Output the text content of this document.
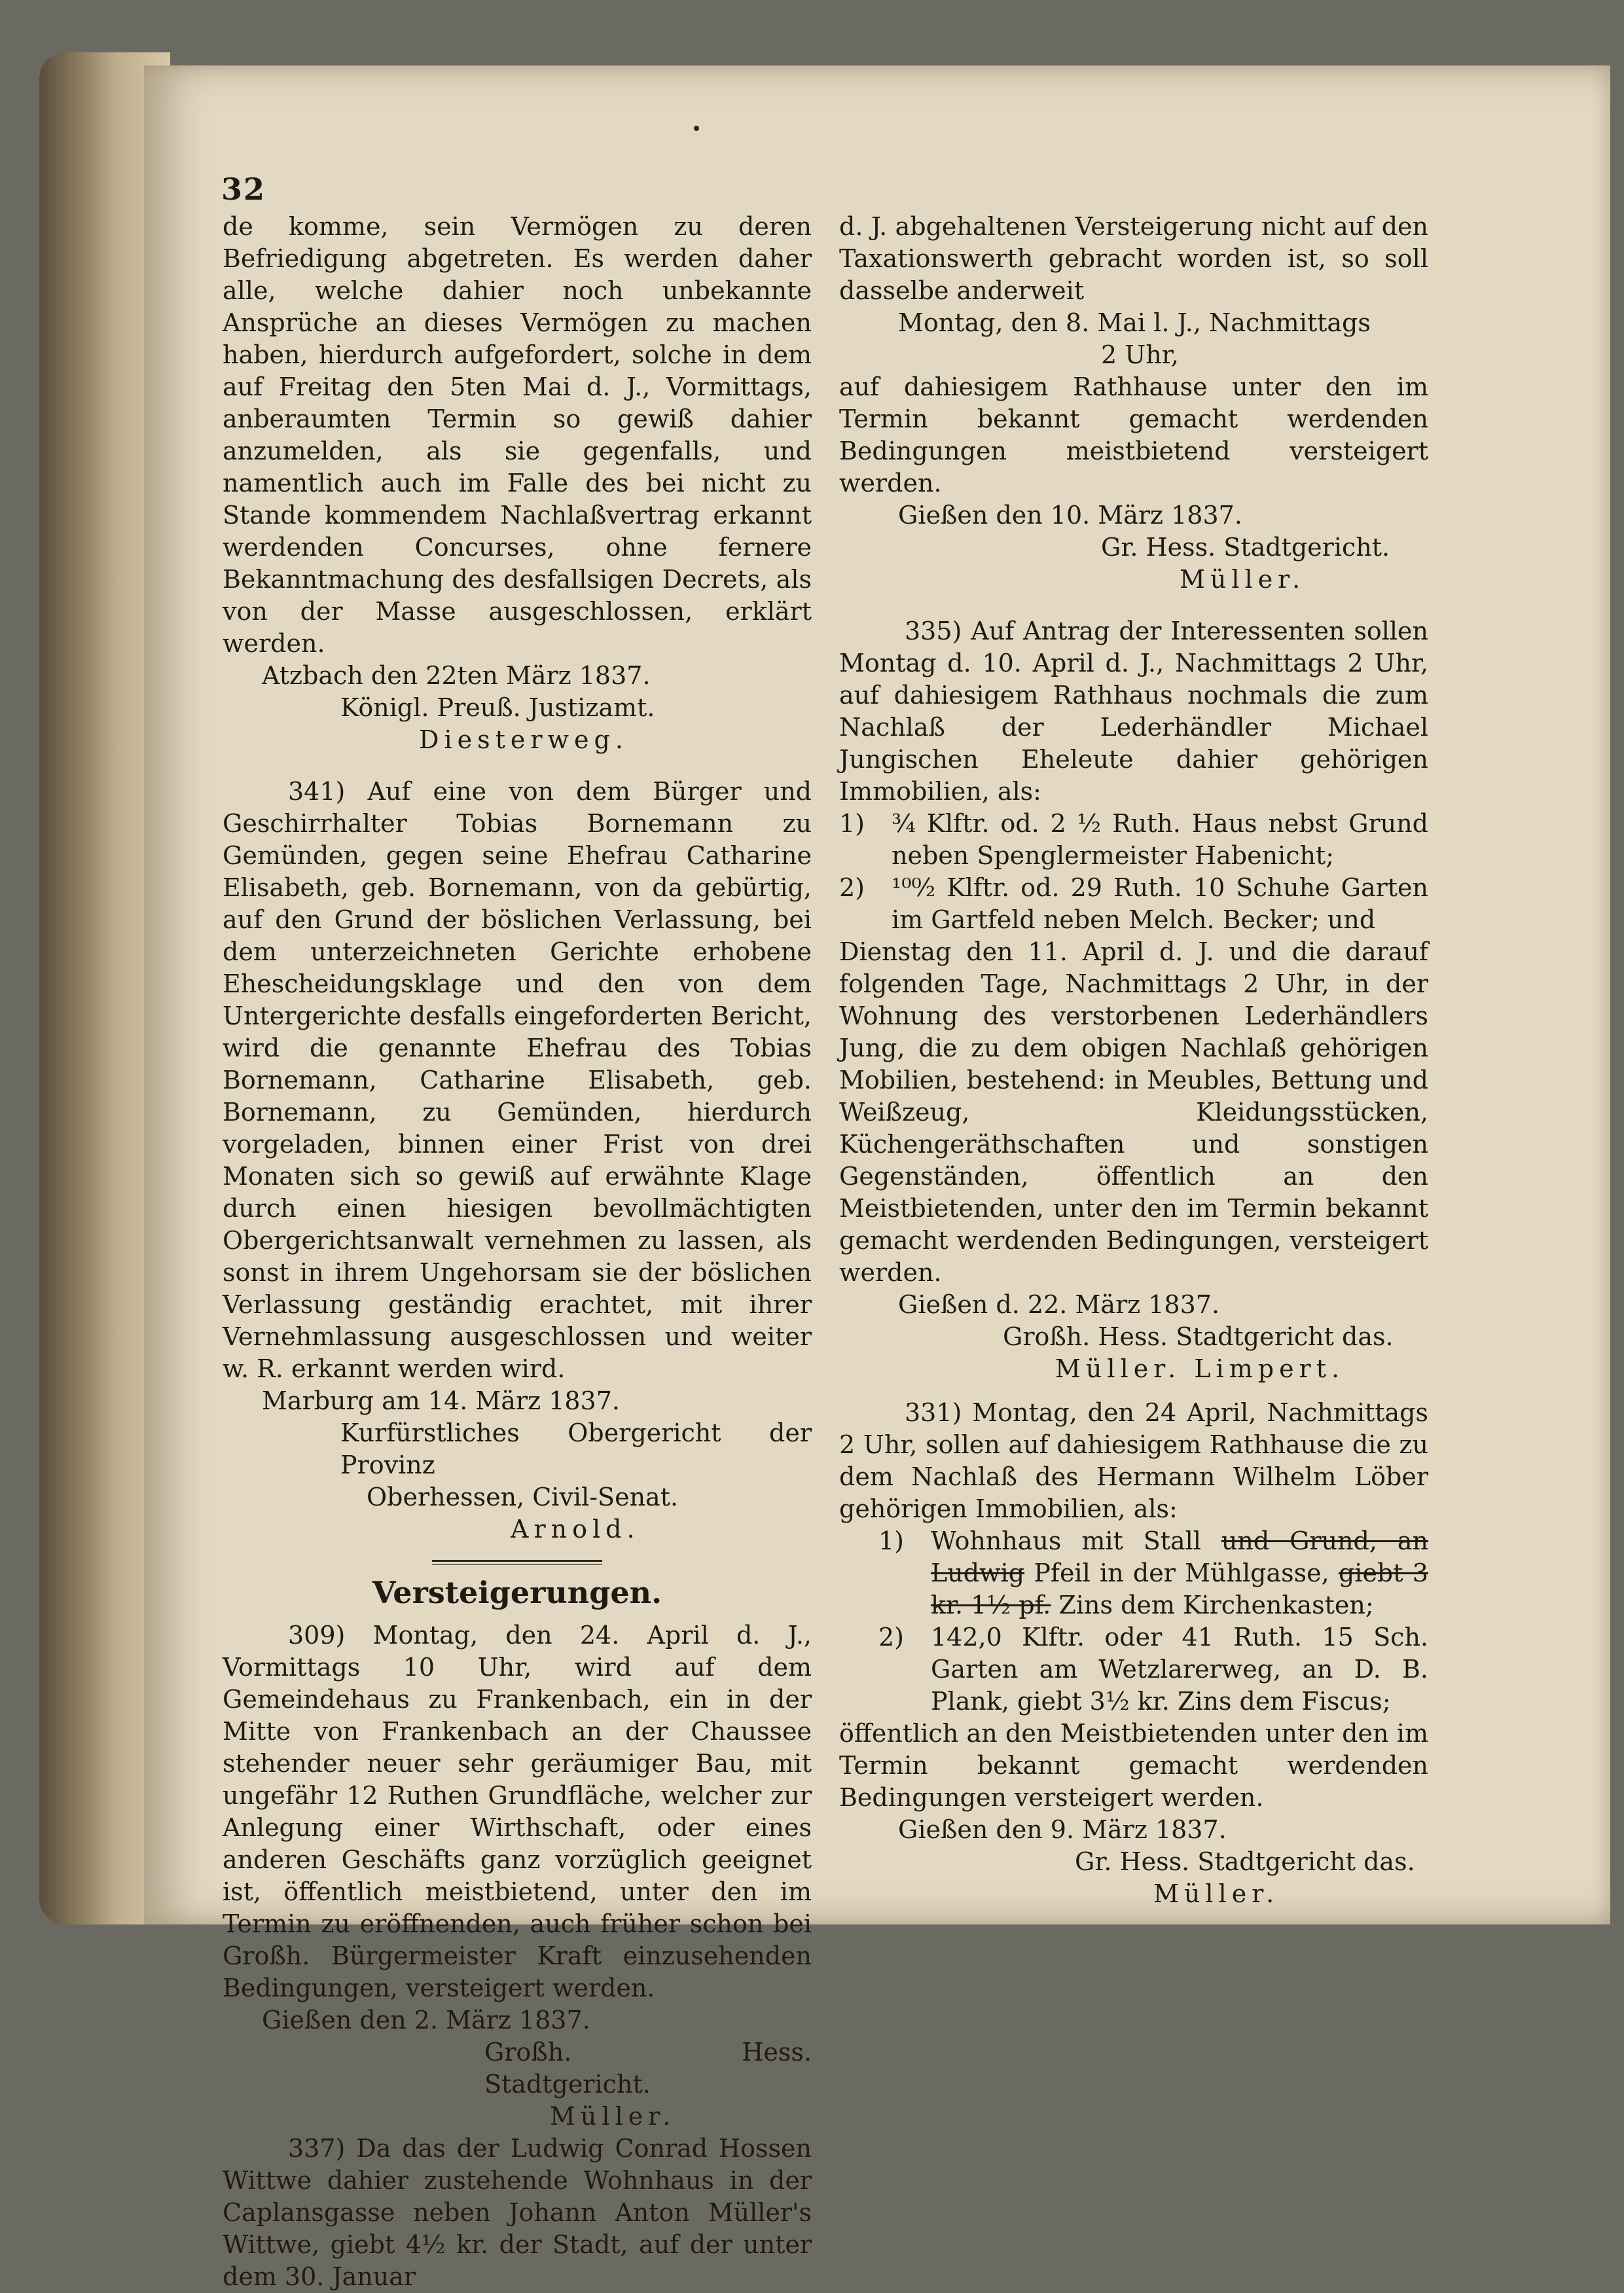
32

de komme, sein Vermögen zu deren Befriedigung abgetreten. Es werden daher alle, welche dahier noch unbekannte Ansprüche an dieses Vermögen zu machen haben, hierdurch aufgefordert, solche in dem auf Freitag den 5ten Mai d. J., Vormittags, anberaumten Termin so gewiß dahier anzumelden, als sie gegenfalls, und namentlich auch im Falle des bei nicht zu Stande kommendem Nachlaßvertrag erkannt werdenden Concurses, ohne fernere Bekanntmachung des desfallsigen Decrets, als von der Masse ausgeschlossen, erklärt werden.

Atzbach den 22ten März 1837.

Königl. Preuß. Justizamt.

Diesterweg.

341) Auf eine von dem Bürger und Geschirrhalter Tobias Bornemann zu Gemünden, gegen seine Ehefrau Catharine Elisabeth, geb. Bornemann, von da gebürtig, auf den Grund der böslichen Verlassung, bei dem unterzeichneten Gerichte erhobene Ehescheidungsklage und den von dem Untergerichte desfalls eingeforderten Bericht, wird die genannte Ehefrau des Tobias Bornemann, Catharine Elisabeth, geb. Bornemann, zu Gemünden, hierdurch vorgeladen, binnen einer Frist von drei Monaten sich so gewiß auf erwähnte Klage durch einen hiesigen bevollmächtigten Obergerichtsanwalt vernehmen zu lassen, als sonst in ihrem Ungehorsam sie der böslichen Verlassung geständig erachtet, mit ihrer Vernehmlassung ausgeschlossen und weiter w. R. erkannt werden wird.

Marburg am 14. März 1837.

Kurfürstliches Obergericht der Provinz

Oberhessen, Civil-Senat.

Arnold.

Versteigerungen.

309) Montag, den 24. April d. J., Vormittags 10 Uhr, wird auf dem Gemeindehaus zu Frankenbach, ein in der Mitte von Frankenbach an der Chaussee stehender neuer sehr geräumiger Bau, mit ungefähr 12 Ruthen Grundfläche, welcher zur Anlegung einer Wirthschaft, oder eines anderen Geschäfts ganz vorzüglich geeignet ist, öffentlich meistbietend, unter den im Termin zu eröffnenden, auch früher schon bei Großh. Bürgermeister Kraft einzusehenden Bedingungen, versteigert werden.

Gießen den 2. März 1837.

Großh. Hess. Stadtgericht.

Müller.

337) Da das der Ludwig Conrad Hossen Wittwe dahier zustehende Wohnhaus in der Caplansgasse neben Johann Anton Müller's Wittwe, giebt 4½ kr. der Stadt, auf der unter dem 30. Januar

d. J. abgehaltenen Versteigerung nicht auf den Taxationswerth gebracht worden ist, so soll dasselbe anderweit

Montag, den 8. Mai l. J., Nachmittags

2 Uhr,

auf dahiesigem Rathhause unter den im Termin bekannt gemacht werdenden Bedingungen meistbietend versteigert werden.

Gießen den 10. März 1837.

Gr. Hess. Stadtgericht.

Müller.

335) Auf Antrag der Interessenten sollen Montag d. 10. April d. J., Nachmittags 2 Uhr, auf dahiesigem Rathhaus nochmals die zum Nachlaß der Lederhändler Michael Jungischen Eheleute dahier gehörigen Immobilien, als:

1)	¾ Klftr. od. 2 ½ Ruth. Haus nebst Grund neben Spenglermeister Habenicht;
2)	¹⁰⁰⁄₂ Klftr. od. 29 Ruth. 10 Schuhe Garten im Gartfeld neben Melch. Becker; und

Dienstag den 11. April d. J. und die darauf folgenden Tage, Nachmittags 2 Uhr, in der Wohnung des verstorbenen Lederhändlers Jung, die zu dem obigen Nachlaß gehörigen Mobilien, bestehend: in Meubles, Bettung und Weißzeug, Kleidungsstücken, Küchengeräthschaften und sonstigen Gegenständen, öffentlich an den Meistbietenden, unter den im Termin bekannt gemacht werdenden Bedingungen, versteigert werden.

Gießen d. 22. März 1837.

Großh. Hess. Stadtgericht das.

Müller. Limpert.

331) Montag, den 24 April, Nachmittags 2 Uhr, sollen auf dahiesigem Rathhause die zu dem Nachlaß des Hermann Wilhelm Löber gehörigen Immobilien, als:

1)	Wohnhaus mit Stall und Grund, an Ludwig Pfeil in der Mühlgasse, giebt 3 kr. 1½ pf. Zins dem Kirchenkasten;
2)	142,0 Klftr. oder 41 Ruth. 15 Sch. Garten am Wetzlarerweg, an D. B. Plank, giebt 3½ kr. Zins dem Fiscus;

öffentlich an den Meistbietenden unter den im Termin bekannt gemacht werdenden Bedingungen versteigert werden.

Gießen den 9. März 1837.

Gr. Hess. Stadtgericht das.

Müller.
